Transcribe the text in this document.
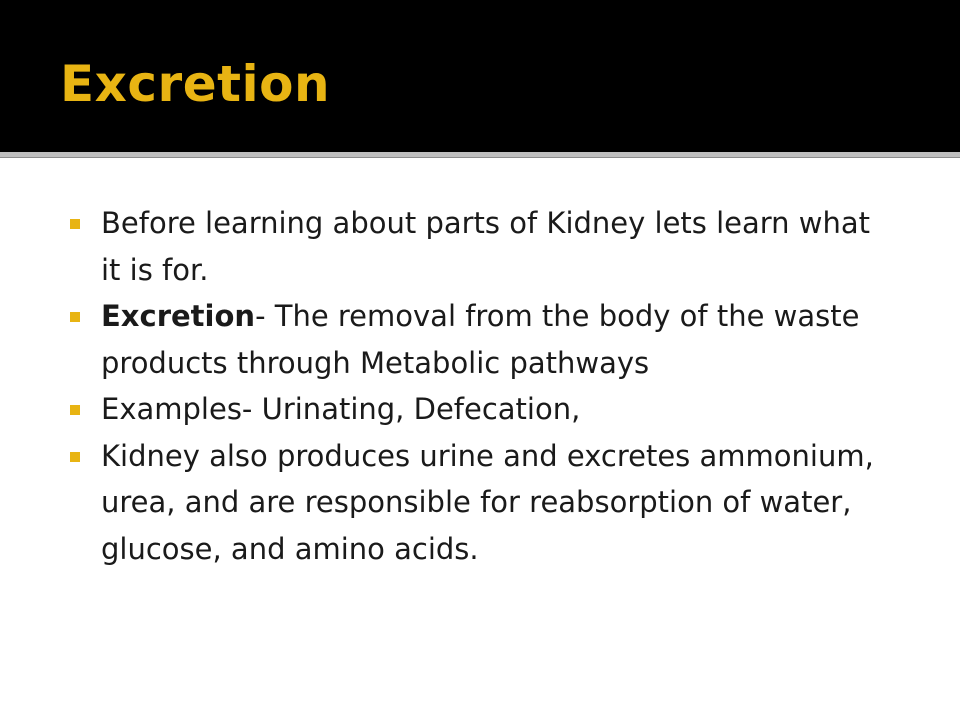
Excretion
Before learning about parts of Kidney lets learn what it is for.
Excretion- The removal from the body of the waste products through Metabolic pathways
Examples- Urinating, Defecation,
Kidney also produces urine and excretes ammonium, urea, and are responsible for reabsorption of water, glucose, and amino acids.
